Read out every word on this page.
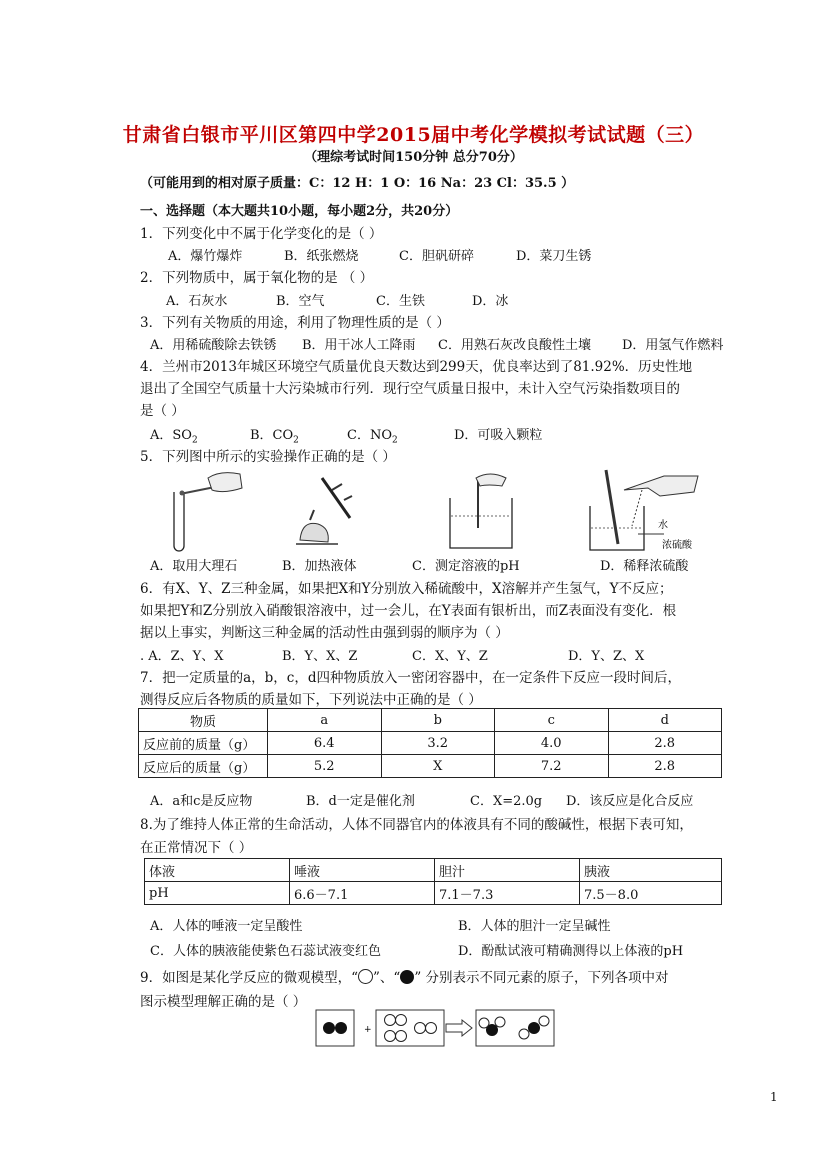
甘肃省白银市平川区第四中学2015届中考化学模拟考试试题（三）
（理综考试时间150分钟 总分70分）
（可能用到的相对原子质量：C：12 H：1 O：16 Na：23 Cl：35.5 ）
一、选择题（本大题共10小题，每小题2分，共20分）
1．下列变化中不属于化学变化的是（ ）
A．爆竹爆炸	B．纸张燃烧	C．胆矾研碎	D．菜刀生锈
2．下列物质中，属于氧化物的是 （ ）
A．石灰水	B．空气	C．生铁	D．冰
3．下列有关物质的用途，利用了物理性质的是（ ）
A．用稀硫酸除去铁锈 B．用干冰人工降雨 C．用熟石灰改良酸性土壤 D．用氢气作燃料
4．兰州市2013年城区环境空气质量优良天数达到299天，优良率达到了81.92%．历史性地
退出了全国空气质量十大污染城市行列．现行空气质量日报中，未计入空气污染指数项目的
是（ ）
A．$SO_2$	B．$CO_2$	C．$NO_2$	D．可吸入颗粒
5．下列图中所示的实验操作正确的是（ ）
水
浓硫酸
A．取用大理石	B．加热液体	C．测定溶液的pH	D．稀释浓硫酸
6．有X、Y、Z三种金属，如果把X和Y分别放入稀硫酸中，X溶解并产生氢气，Y不反应；
如果把Y和Z分别放入硝酸银溶液中，过一会儿，在Y表面有银析出，而Z表面没有变化．根
据以上事实，判断这三种金属的活动性由强到弱的顺序为（ ）
. A．Z、Y、X	B．Y、X、Z	C．X、Y、Z	D．Y、Z、X
7．把一定质量的a，b，c，d四种物质放入一密闭容器中，在一定条件下反应一段时间后，
测得反应后各物质的质量如下，下列说法中正确的是（ ）
物质	a	b	c	d
反应前的质量（g）	6.4	3.2	4.0	2.8
反应后的质量（g）	5.2	X	7.2	2.8
A．a和c是反应物	B．d一定是催化剂	C．X=2.0g D．该反应是化合反应
8.为了维持人体正常的生命活动，人体不同器官内的体液具有不同的酸碱性，根据下表可知，
在正常情况下（ ）
体液	唾液	胆汁	胰液
pH	6.6－7.1	7.1－7.3	7.5－8.0
A．人体的唾液一定呈酸性	B．人体的胆汁一定呈碱性
C．人体的胰液能使紫色石蕊试液变红色	D．酚酞试液可精确测得以上体液的pH
9．如图是某化学反应的微观模型，“ ”、“ ” 分别表示不同元素的原子，下列各项中对
图示模型理解正确的是（ ）
+
1
